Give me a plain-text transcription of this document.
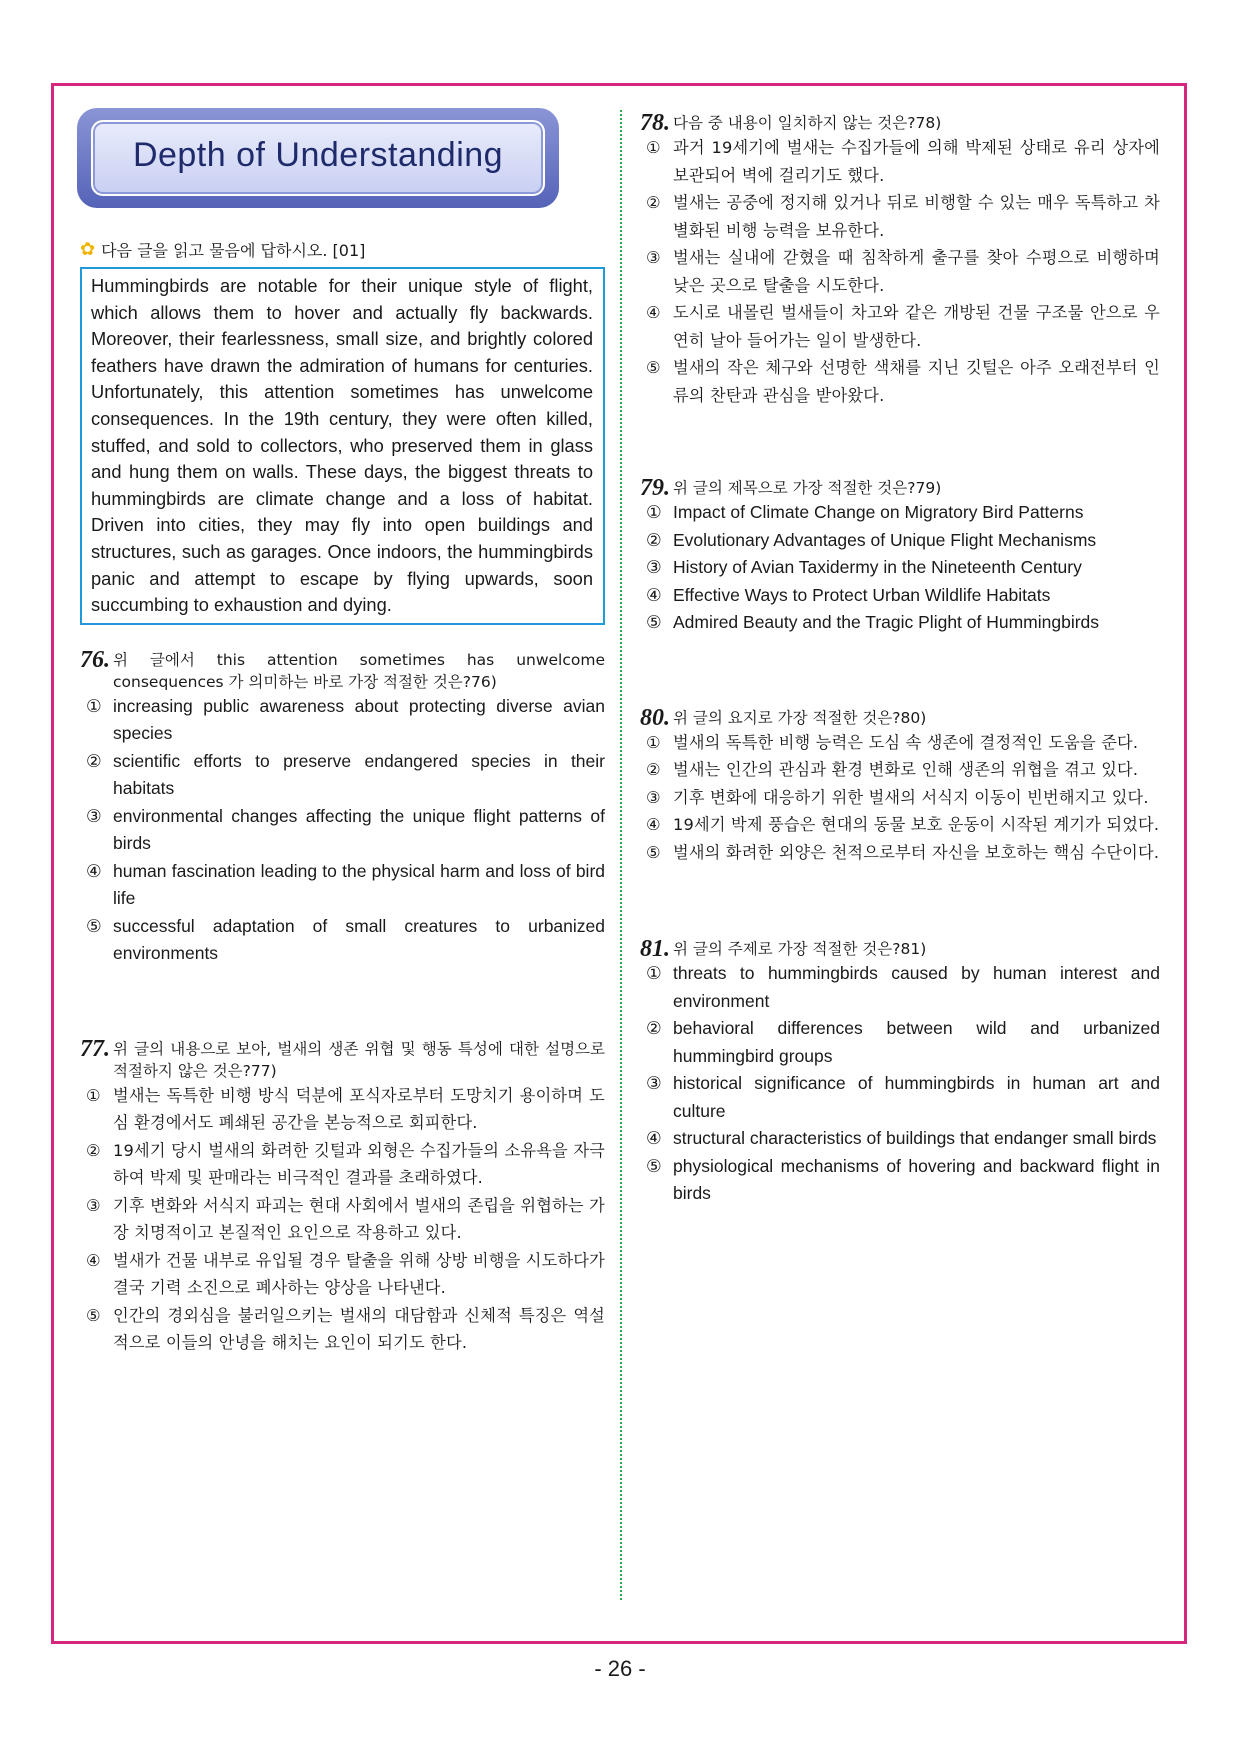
Depth of Understanding
✿ 다음 글을 읽고 물음에 답하시오. [01]
Hummingbirds are notable for their unique style of flight, which allows them to hover and actually fly backwards. Moreover, their fearlessness, small size, and brightly colored feathers have drawn the admiration of humans for centuries. Unfortunately, this attention sometimes has unwelcome consequences. In the 19th century, they were often killed, stuffed, and sold to collectors, who preserved them in glass and hung them on walls. These days, the biggest threats to hummingbirds are climate change and a loss of habitat. Driven into cities, they may fly into open buildings and structures, such as garages. Once indoors, the hummingbirds panic and attempt to escape by flying upwards, soon succumbing to exhaustion and dying.
76. 위 글에서 this attention sometimes has unwelcome consequences 가 의미하는 바로 가장 적절한 것은?76)
① increasing public awareness about protecting diverse avian species
② scientific efforts to preserve endangered species in their habitats
③ environmental changes affecting the unique flight patterns of birds
④ human fascination leading to the physical harm and loss of bird life
⑤ successful adaptation of small creatures to urbanized environments
77. 위 글의 내용으로 보아, 벌새의 생존 위협 및 행동 특성에 대한 설명으로 적절하지 않은 것은?77)
① 벌새는 독특한 비행 방식 덕분에 포식자로부터 도망치기 용이하며 도심 환경에서도 폐쇄된 공간을 본능적으로 회피한다.
② 19세기 당시 벌새의 화려한 깃털과 외형은 수집가들의 소유욕을 자극하여 박제 및 판매라는 비극적인 결과를 초래하였다.
③ 기후 변화와 서식지 파괴는 현대 사회에서 벌새의 존립을 위협하는 가장 치명적이고 본질적인 요인으로 작용하고 있다.
④ 벌새가 건물 내부로 유입될 경우 탈출을 위해 상방 비행을 시도하다가 결국 기력 소진으로 폐사하는 양상을 나타낸다.
⑤ 인간의 경외심을 불러일으키는 벌새의 대담함과 신체적 특징은 역설적으로 이들의 안녕을 해치는 요인이 되기도 한다.
78. 다음 중 내용이 일치하지 않는 것은?78)
① 과거 19세기에 벌새는 수집가들에 의해 박제된 상태로 유리 상자에 보관되어 벽에 걸리기도 했다.
② 벌새는 공중에 정지해 있거나 뒤로 비행할 수 있는 매우 독특하고 차별화된 비행 능력을 보유한다.
③ 벌새는 실내에 갇혔을 때 침착하게 출구를 찾아 수평으로 비행하며 낮은 곳으로 탈출을 시도한다.
④ 도시로 내몰린 벌새들이 차고와 같은 개방된 건물 구조물 안으로 우연히 날아 들어가는 일이 발생한다.
⑤ 벌새의 작은 체구와 선명한 색채를 지닌 깃털은 아주 오래전부터 인류의 찬탄과 관심을 받아왔다.
79. 위 글의 제목으로 가장 적절한 것은?79)
① Impact of Climate Change on Migratory Bird Patterns
② Evolutionary Advantages of Unique Flight Mechanisms
③ History of Avian Taxidermy in the Nineteenth Century
④ Effective Ways to Protect Urban Wildlife Habitats
⑤ Admired Beauty and the Tragic Plight of Hummingbirds
80. 위 글의 요지로 가장 적절한 것은?80)
① 벌새의 독특한 비행 능력은 도심 속 생존에 결정적인 도움을 준다.
② 벌새는 인간의 관심과 환경 변화로 인해 생존의 위협을 겪고 있다.
③ 기후 변화에 대응하기 위한 벌새의 서식지 이동이 빈번해지고 있다.
④ 19세기 박제 풍습은 현대의 동물 보호 운동이 시작된 계기가 되었다.
⑤ 벌새의 화려한 외양은 천적으로부터 자신을 보호하는 핵심 수단이다.
81. 위 글의 주제로 가장 적절한 것은?81)
① threats to hummingbirds caused by human interest and environment
② behavioral differences between wild and urbanized hummingbird groups
③ historical significance of hummingbirds in human art and culture
④ structural characteristics of buildings that endanger small birds
⑤ physiological mechanisms of hovering and backward flight in birds
- 26 -
